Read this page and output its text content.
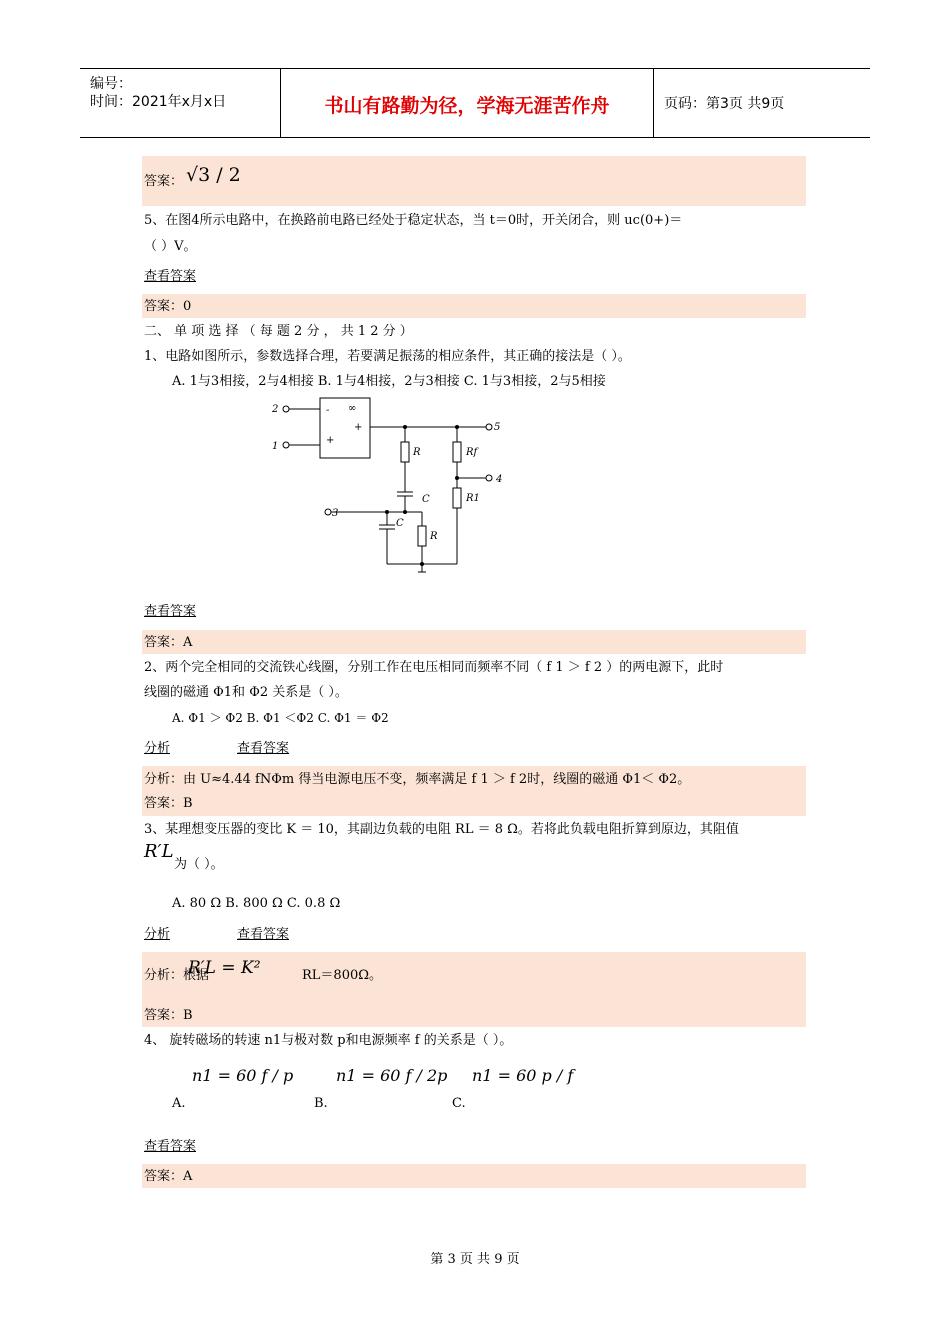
编号：
时间：2021年x月x日	书山有路勤为径，学海无涯苦作舟	页码：第3页 共9页
答案： √3 / 2
5、在图4所示电路中，在换路前电路已经处于稳定状态，当 t＝0时，开关闭合，则 uc(0+)＝
（ ）V。
查看答案
答案：0
二、 单 项 选 择 （ 每 题 2 分 ， 共 1 2 分 ）
1、电路如图所示，参数选择合理，若要满足振荡的相应条件，其正确的接法是（ ）。
A. 1与3相接，2与4相接 B. 1与4相接，2与3相接 C. 1与3相接，2与5相接
2
1
3
4
5
-
+
∞
+
R
R
Rf
R1
C
C
查看答案
答案：A
2、两个完全相同的交流铁心线圈，分别工作在电压相同而频率不同（ f 1 ＞ f 2 ）的两电源下，此时
线圈的磁通 Φ1和 Φ2 关系是（ ）。
A. Φ1 ＞ Φ2 B. Φ1 ＜Φ2 C. Φ1 ＝ Φ2
分析	查看答案
分析：由 U≈4.44 fNΦm 得当电源电压不变，频率满足 f 1 ＞ f 2时，线圈的磁通 Φ1＜ Φ2。
答案：B
3、某理想变压器的变比 K ＝ 10，其副边负载的电阻 RL ＝ 8 Ω。若将此负载电阻折算到原边，其阻值
R′L
为（ ）。
A. 80 Ω B. 800 Ω C. 0.8 Ω
分析	查看答案
分析：根据
R′L = K²	RL＝800Ω。
答案：B
4、 旋转磁场的转速 n1与极对数 p和电源频率 f 的关系是（ ）。
n1 = 60 f / p	n1 = 60 f / 2p n1 = 60 p / f
A.	B.	C.
查看答案
答案：A
第 3 页 共 9 页
